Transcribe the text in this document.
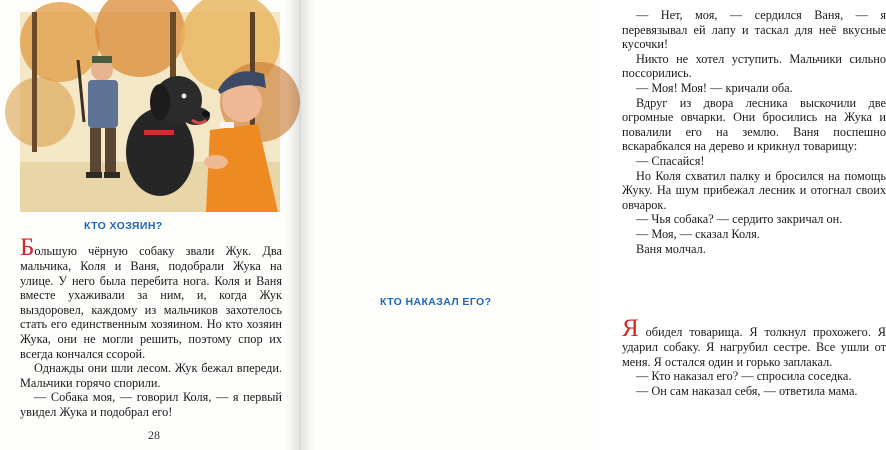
КТО ХОЗЯИН?

Большую чёрную собаку звали Жук. Два мальчика, Коля и Ваня, подобрали Жука на улице. У него была перебита нога. Коля и Ваня вместе ухаживали за ним, и, когда Жук выздоровел, каждому из мальчиков захотелось стать его единственным хозяином. Но кто хозяин Жука, они не могли решить, поэтому спор их всегда кончался ссорой.

Однажды они шли лесом. Жук бежал впереди. Мальчики горячо спорили.

— Собака моя, — говорил Коля, — я первый увидел Жука и подобрал его!

28

— Нет, моя, — сердился Ваня, — я перевязывал ей лапу и таскал для неё вкусные кусочки!

Никто не хотел уступить. Мальчики сильно поссорились.

— Моя! Моя! — кричали оба.

Вдруг из двора лесника выскочили две огромные овчарки. Они бросились на Жука и повалили его на землю. Ваня поспешно вскарабкался на дерево и крикнул товарищу:

— Спасайся!

Но Коля схватил палку и бросился на помощь Жуку. На шум прибежал лесник и отогнал своих овчарок.

— Чья собака? — сердито закричал он.

— Моя, — сказал Коля.

Ваня молчал.

КТО НАКАЗАЛ ЕГО?

Я обидел товарища. Я толкнул прохожего. Я ударил собаку. Я нагрубил сестре. Все ушли от меня. Я остался один и горько заплакал.

— Кто наказал его? — спросила соседка.

— Он сам наказал себя, — ответила мама.
